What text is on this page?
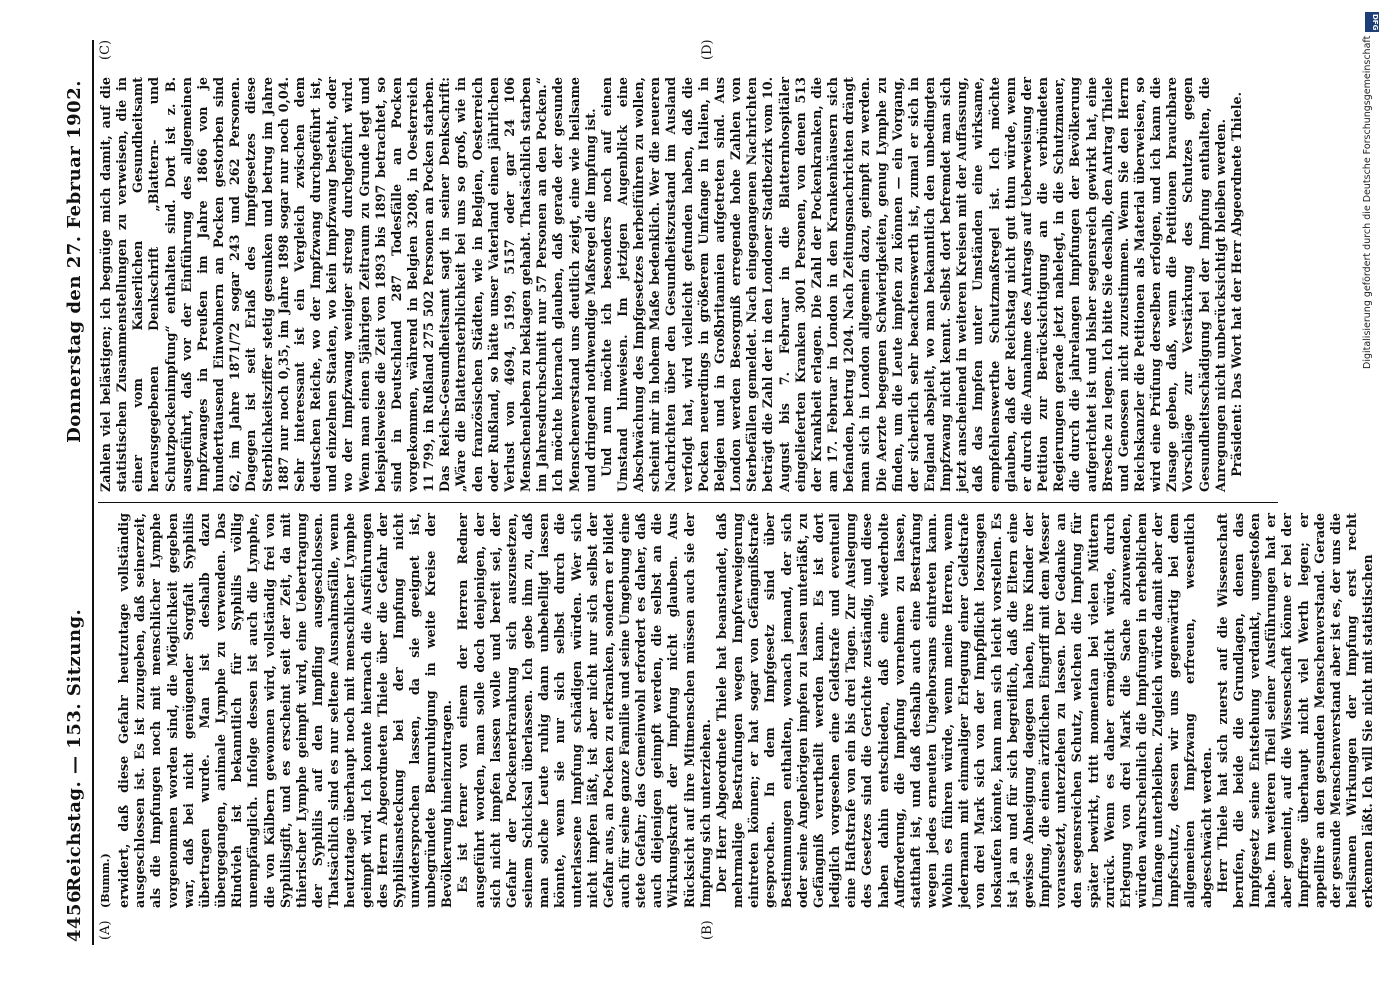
4456
Reichstag. — 153. Sitzung.
Donnerstag den 27. Februar 1902.
(A)	(B)
(C)	(D)
(Bumm.) erwidert, daß diese Gefahr heutzutage vollständig ausgeschlossen ist. Es ist zuzugeben, daß seinerzeit, als die Impfungen noch mit menschlicher Lymphe vorgenommen worden sind, die Möglichkeit gegeben war, daß bei nicht genügender Sorgfalt Syphilis übertragen wurde. Man ist deshalb dazu übergegangen, animale Lymphe zu verwenden. Das Rindvieh ist bekanntlich für Syphilis völlig unempfänglich. Infolge dessen ist auch die Lymphe, die von Kälbern gewonnen wird, vollständig frei von Syphilisgift, und es erscheint seit der Zeit, da mit thierischer Lymphe geimpft wird, eine Uebertragung der Syphilis auf den Impfling ausgeschlossen. Thatsächlich sind es nur seltene Ausnahmsfälle, wenn heutzutage überhaupt noch mit menschlicher Lymphe geimpft wird. Ich konnte hiernach die Ausführungen des Herrn Abgeordneten Thiele über die Gefahr der Syphilisansteckung bei der Impfung nicht unwidersprochen lassen, da sie geeignet ist, unbegründete Beunruhigung in weite Kreise der Bevölkerung hineinzutragen. Es ist ferner von einem der Herren Redner ausgeführt worden, man solle doch denjenigen, der sich nicht impfen lassen wolle und bereit sei, der Gefahr der Pockenerkrankung sich auszusetzen, seinem Schicksal überlassen. Ich gebe ihm zu, daß man solche Leute ruhig dann unbehelligt lassen könnte, wenn sie nur sich selbst durch die unterlassene Impfung schädigen würden. Wer sich nicht impfen läßt, ist aber nicht nur sich selbst der Gefahr aus, an Pocken zu erkranken, sondern er bildet auch für seine ganze Familie und seine Umgebung eine stete Gefahr; das Gemeinwohl erfordert es daher, daß auch diejenigen geimpft werden, die selbst an die Wirkungskraft der Impfung nicht glauben. Aus Rücksicht auf ihre Mitmenschen müssen auch sie der Impfung sich unterziehen. Der Herr Abgeordnete Thiele hat beanstandet, daß mehrmalige Bestrafungen wegen Impfverweigerung eintreten können; er hat sogar von Gefängnißstrafe gesprochen. In dem Impfgesetz sind über Bestimmungen enthalten, wonach jemand, der sich oder seine Angehörigen impfen zu lassen unterläßt, zu Gefängniß verurtheilt werden kann. Es ist dort lediglich vorgesehen eine Geldstrafe und eventuell eine Haftstrafe von ein bis drei Tagen. Zur Auslegung des Gesetzes sind die Gerichte zuständig, und diese haben dahin entschieden, daß eine wiederholte Aufforderung, die Impfung vornehmen zu lassen, statthaft ist, und daß deshalb auch eine Bestrafung wegen jedes erneuten Ungehorsams eintreten kann. Wohin es führen würde, wenn meine Herren, wenn jedermann mit einmaliger Erlegung einer Geldstrafe von drei Mark sich von der Impfpflicht loszusagen loskaufen könnte, kann man sich leicht vorstellen. Es ist ja an und für sich begreiflich, daß die Eltern eine gewisse Abneigung dagegen haben, ihre Kinder der Impfung, die einen ärztlichen Eingriff mit dem Messer voraussetzt, unterziehen zu lassen. Der Gedanke an den segensreichen Schutz, welchen die Impfung für später bewirkt, tritt momentan bei vielen Müttern zurück. Wenn es daher ermöglicht würde, durch Erlegung von drei Mark die Sache abzuwenden, würden wahrscheinlich die Impfungen in erheblichem Umfange unterbleiben. Zugleich würde damit aber der Impfschutz, dessen wir uns gegenwärtig bei dem allgemeinen Impfzwang erfreuen, wesentlich abgeschwächt werden. Herr Thiele hat sich zuerst auf die Wissenschaft berufen, die beide die Grundlagen, denen das Impfgesetz seine Entstehung verdankt, umgestoßen habe. Im weiteren Theil seiner Ausführungen hat er aber gemeint, auf die Wissenschaft könne er bei der Impffrage überhaupt nicht viel Werth legen; er appellire an den gesunden Menschenverstand. Gerade der gesunde Menschenverstand aber ist es, der uns die heilsamen Wirkungen der Impfung erst recht erkennen läßt. Ich will Sie nicht mit statistischen

Zahlen viel belästigen; ich begnüge mich damit, auf die statistischen Zusammenstellungen zu verweisen, die in einer vom Kaiserlichen Gesundheitsamt herausgegebenen Denkschrift „Blattern- und Schutzpockenimpfung“ enthalten sind. Dort ist z. B. ausgeführt, daß vor der Einführung des allgemeinen Impfzwanges in Preußen im Jahre 1866 von je hunderttausend Einwohnern an Pocken gestorben sind 62, im Jahre 1871/72 sogar 243 und 262 Personen. Dagegen ist seit Erlaß des Impfgesetzes diese Sterblichkeitsziffer stetig gesunken und betrug im Jahre 1887 nur noch 0,35, im Jahre 1898 sogar nur noch 0,04. Sehr interessant ist ein Vergleich zwischen dem deutschen Reiche, wo der Impfzwang durchgeführt ist, und einzelnen Staaten, wo kein Impfzwang besteht, oder wo der Impfzwang weniger streng durchgeführt wird. Wenn man einen 5jährigen Zeitraum zu Grunde legt und beispielsweise die Zeit von 1893 bis 1897 betrachtet, so sind in Deutschland 287 Todesfälle an Pocken vorgekommen, während in Belgien 3208, in Oesterreich 11 799, in Rußland 275 502 Personen an Pocken starben. Das Reichs-Gesundheitsamt sagt in seiner Denkschrift: „Wäre die Blatternsterblichkeit bei uns so groß, wie in den französischen Städten, wie in Belgien, Oesterreich oder Rußland, so hätte unser Vaterland einen jährlichen Verlust von 4694, 5199, 5157 oder gar 24 106 Menschenleben zu beklagen gehabt. Thatsächlich starben im Jahresdurchschnitt nur 57 Personen an den Pocken.“ Ich möchte hiernach glauben, daß gerade der gesunde Menschenverstand uns deutlich zeigt, eine wie heilsame und dringend nothwendige Maßregel die Impfung ist. Und nun möchte ich besonders noch auf einen Umstand hinweisen. Im jetzigen Augenblick eine Abschwächung des Impfgesetzes herbeiführen zu wollen, scheint mir in hohem Maße bedenklich. Wer die neueren Nachrichten über den Gesundheitszustand im Ausland verfolgt hat, wird vielleicht gefunden haben, daß die Pocken neuerdings in größerem Umfange in Italien, in Belgien und in Großbritannien aufgetreten sind. Aus London werden Besorgniß erregende hohe Zahlen von Sterbefällen gemeldet. Nach eingegangenen Nachrichten beträgt die Zahl der in den Londoner Stadtbezirk vom 10. August bis 7. Februar in die Blatternhospitäler eingelieferten Kranken 3001 Personen, von denen 513 der Krankheit erlagen. Die Zahl der Pockenkranken, die am 17. Februar in London in den Krankenhäusern sich befanden, betrug 1204. Nach Zeitungsnachrichten drängt man sich in London allgemein dazu, geimpft zu werden. Die Aerzte begegnen Schwierigkeiten, genug Lymphe zu finden, um die Leute impfen zu können — ein Vorgang, der sicherlich sehr beachtenswerth ist, zumal er sich in England abspielt, wo man bekanntlich den unbedingten Impfzwang nicht kennt. Selbst dort befremdet man sich jetzt anscheinend in weiteren Kreisen mit der Auffassung, daß das Impfen unter Umständen eine wirksame, empfehlenswerthe Schutzmaßregel ist. Ich möchte glauben, daß der Reichstag nicht gut thun würde, wenn er durch die Annahme des Antrags auf Ueberweisung der Petition zur Berücksichtigung an die verbündeten Regierungen gerade jetzt nahelegt, in die Schutzmauer, die durch die jahrelangen Impfungen der Bevölkerung aufgerichtet ist und bisher segensreich gewirkt hat, eine Bresche zu legen. Ich bitte Sie deshalb, den Antrag Thiele und Genossen nicht zuzustimmen. Wenn Sie den Herrn Reichskanzler die Petitionen als Material überweisen, so wird eine Prüfung derselben erfolgen, und ich kann die Zusage geben, daß, wenn die Petitionen brauchbare Vorschläge zur Verstärkung des Schutzes gegen Gesundheitsschädigung bei der Impfung enthalten, die Anregungen nicht unberücksichtigt bleiben werden. Präsident: Das Wort hat der Herr Abgeordnete Thiele.

DFG
Digitalisierung gefördert durch die Deutsche Forschungsgemeinschaft
